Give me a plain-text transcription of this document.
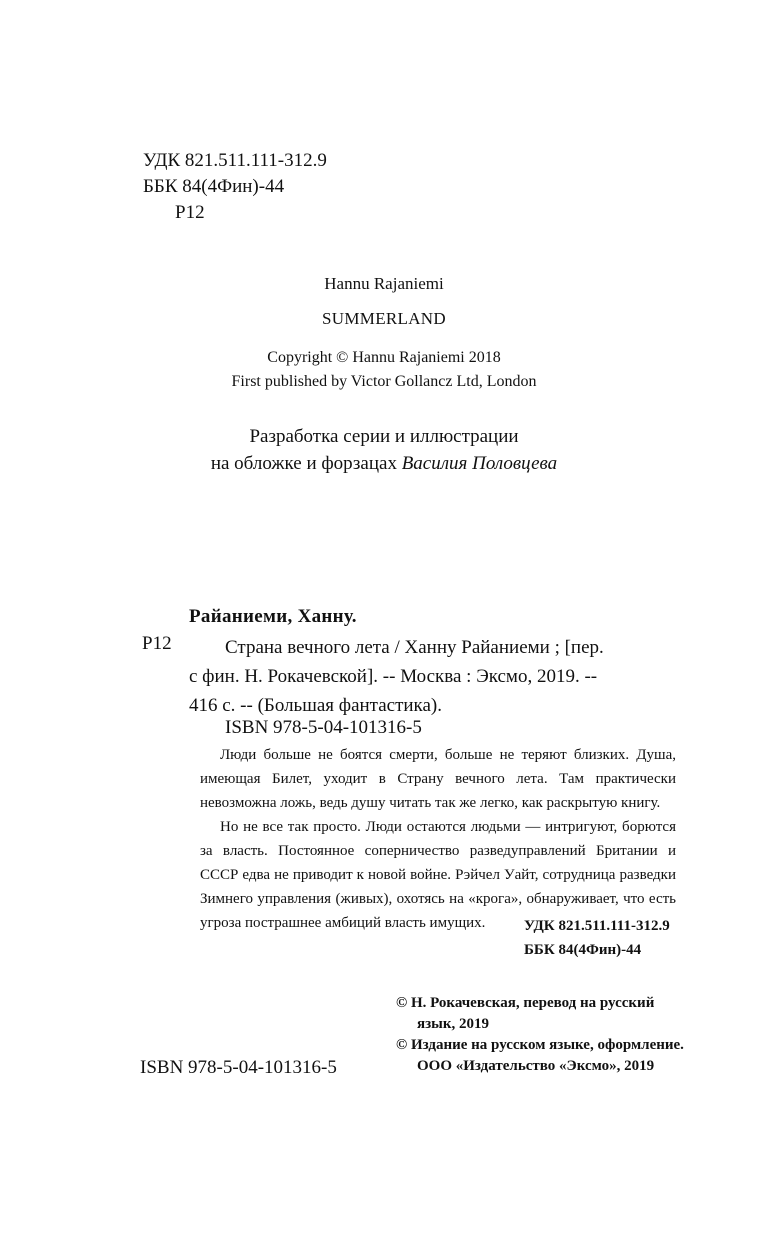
УДК 821.511.111-312.9
ББК 84(4Фин)-44
Р12
Hannu Rajaniemi
SUMMERLAND
Copyright © Hannu Rajaniemi 2018
First published by Victor Gollancz Ltd, London
Разработка серии и иллюстрации
на обложке и форзацах Василия Половцева
Райаниеми, Ханну.
Р12	Страна вечного лета / Ханну Райаниеми ; [пер.
с фин. Н. Рокачевской]. -- Москва : Эксмо, 2019. --
416 с. -- (Большая фантастика).
ISBN 978-5-04-101316-5

Люди больше не боятся смерти, больше не теряют близких. Душа, имеющая Билет, уходит в Страну вечного лета. Там практически невозможна ложь, ведь душу читать так же легко, как раскрытую книгу.

Но не все так просто. Люди остаются людьми — интригуют, борются за власть. Постоянное соперничество разведуправлений Британии и СССР едва не приводит к новой войне. Рэйчел Уайт, сотрудница разведки Зимнего управления (живых), охотясь на «крога», обнаруживает, что есть угроза пострашнее амбиций власть имущих.	УДК 821.511.111-312.9
ББК 84(4Фин)-44
© Н. Рокачевская, перевод на русский язык, 2019
© Издание на русском языке, оформление. ООО «Издательство «Эксмо», 2019
ISBN 978-5-04-101316-5
